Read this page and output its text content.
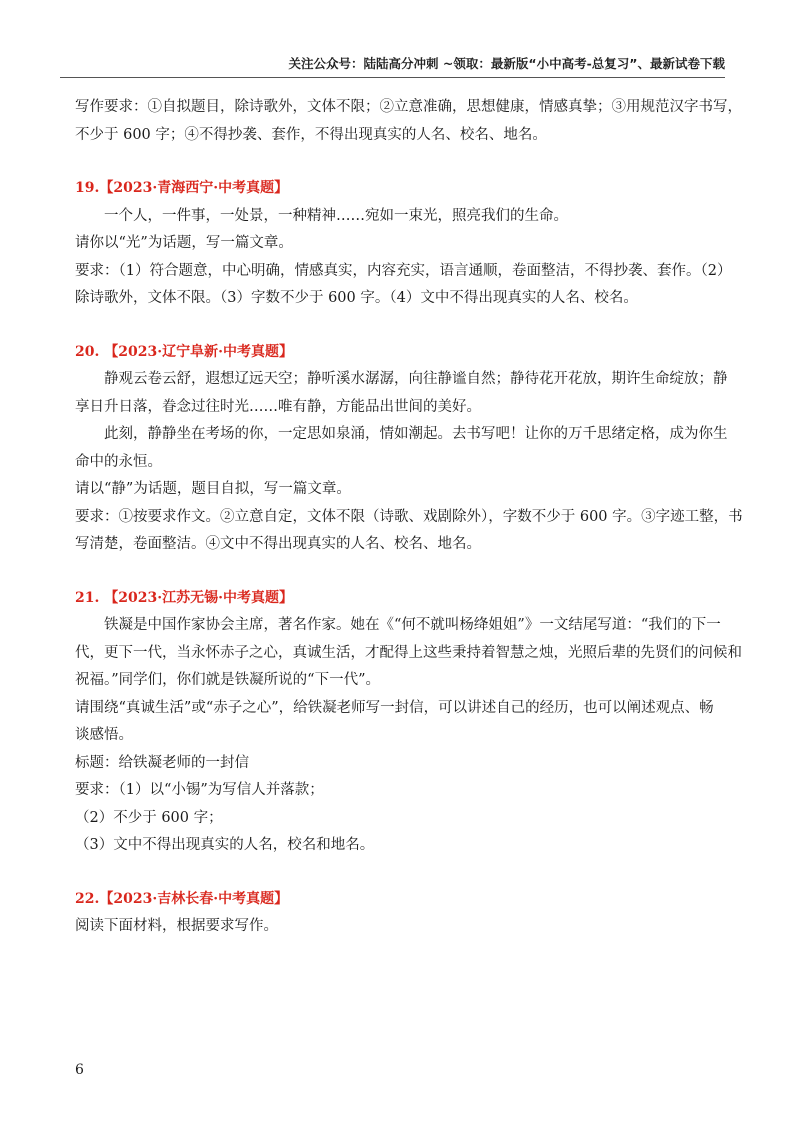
关注公众号：陆陆高分冲刺 ~领取：最新版“小中高考-总复习”、最新试卷下载
写作要求：①自拟题目，除诗歌外，文体不限；②立意准确，思想健康，情感真挚；③用规范汉字书写，
不少于 600 字；④不得抄袭、套作，不得出现真实的人名、校名、地名。
19.【2023·青海西宁·中考真题】
一个人，一件事，一处景，一种精神……宛如一束光，照亮我们的生命。
请你以“光”为话题，写一篇文章。
要求：（1）符合题意，中心明确，情感真实，内容充实，语言通顺，卷面整洁，不得抄袭、套作。（2）
除诗歌外，文体不限。（3）字数不少于 600 字。（4）文中不得出现真实的人名、校名。
20. 【2023·辽宁阜新·中考真题】
静观云卷云舒，遐想辽远天空；静听溪水潺潺，向往静谧自然；静待花开花放，期许生命绽放；静
享日升日落，眷念过往时光……唯有静，方能品出世间的美好。
此刻，静静坐在考场的你，一定思如泉涌，情如潮起。去书写吧！让你的万千思绪定格，成为你生
命中的永恒。
请以“静”为话题，题目自拟，写一篇文章。
要求：①按要求作文。②立意自定，文体不限（诗歌、戏剧除外），字数不少于 600 字。③字迹工整，书
写清楚，卷面整洁。④文中不得出现真实的人名、校名、地名。
21. 【2023·江苏无锡·中考真题】
铁凝是中国作家协会主席，著名作家。她在《“何不就叫杨绛姐姐”》一文结尾写道：“我们的下一
代，更下一代，当永怀赤子之心，真诚生活，才配得上这些秉持着智慧之烛，光照后辈的先贤们的问候和
祝福。”同学们，你们就是铁凝所说的“下一代”。
请围绕“真诚生活”或“赤子之心”，给铁凝老师写一封信，可以讲述自己的经历，也可以阐述观点、畅
谈感悟。
标题：给铁凝老师的一封信
要求：（1）以“小锡”为写信人并落款；
（2）不少于 600 字；
（3）文中不得出现真实的人名，校名和地名。
22.【2023·吉林长春·中考真题】
阅读下面材料，根据要求写作。
6
